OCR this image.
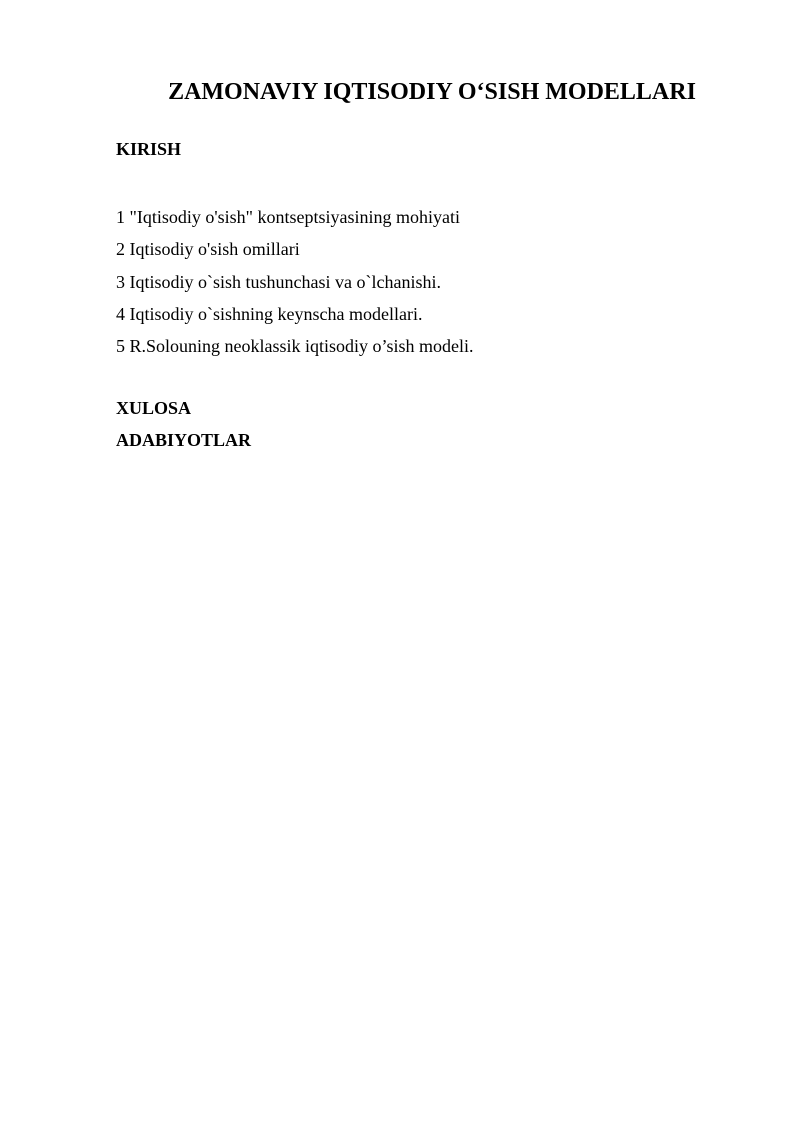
ZAMONAVIY IQTISODIY O‘SISH MODELLARI
KIRISH
1 "Iqtisodiy o'sish" kontseptsiyasining mohiyati
2 Iqtisodiy o'sish omillari
3 Iqtisodiy o`sish tushunchasi va o`lchanishi.
4 Iqtisodiy o`sishning keynscha modellari.
5 R.Solouning neoklassik iqtisodiy o’sish modeli.
XULOSA
ADABIYOTLAR
